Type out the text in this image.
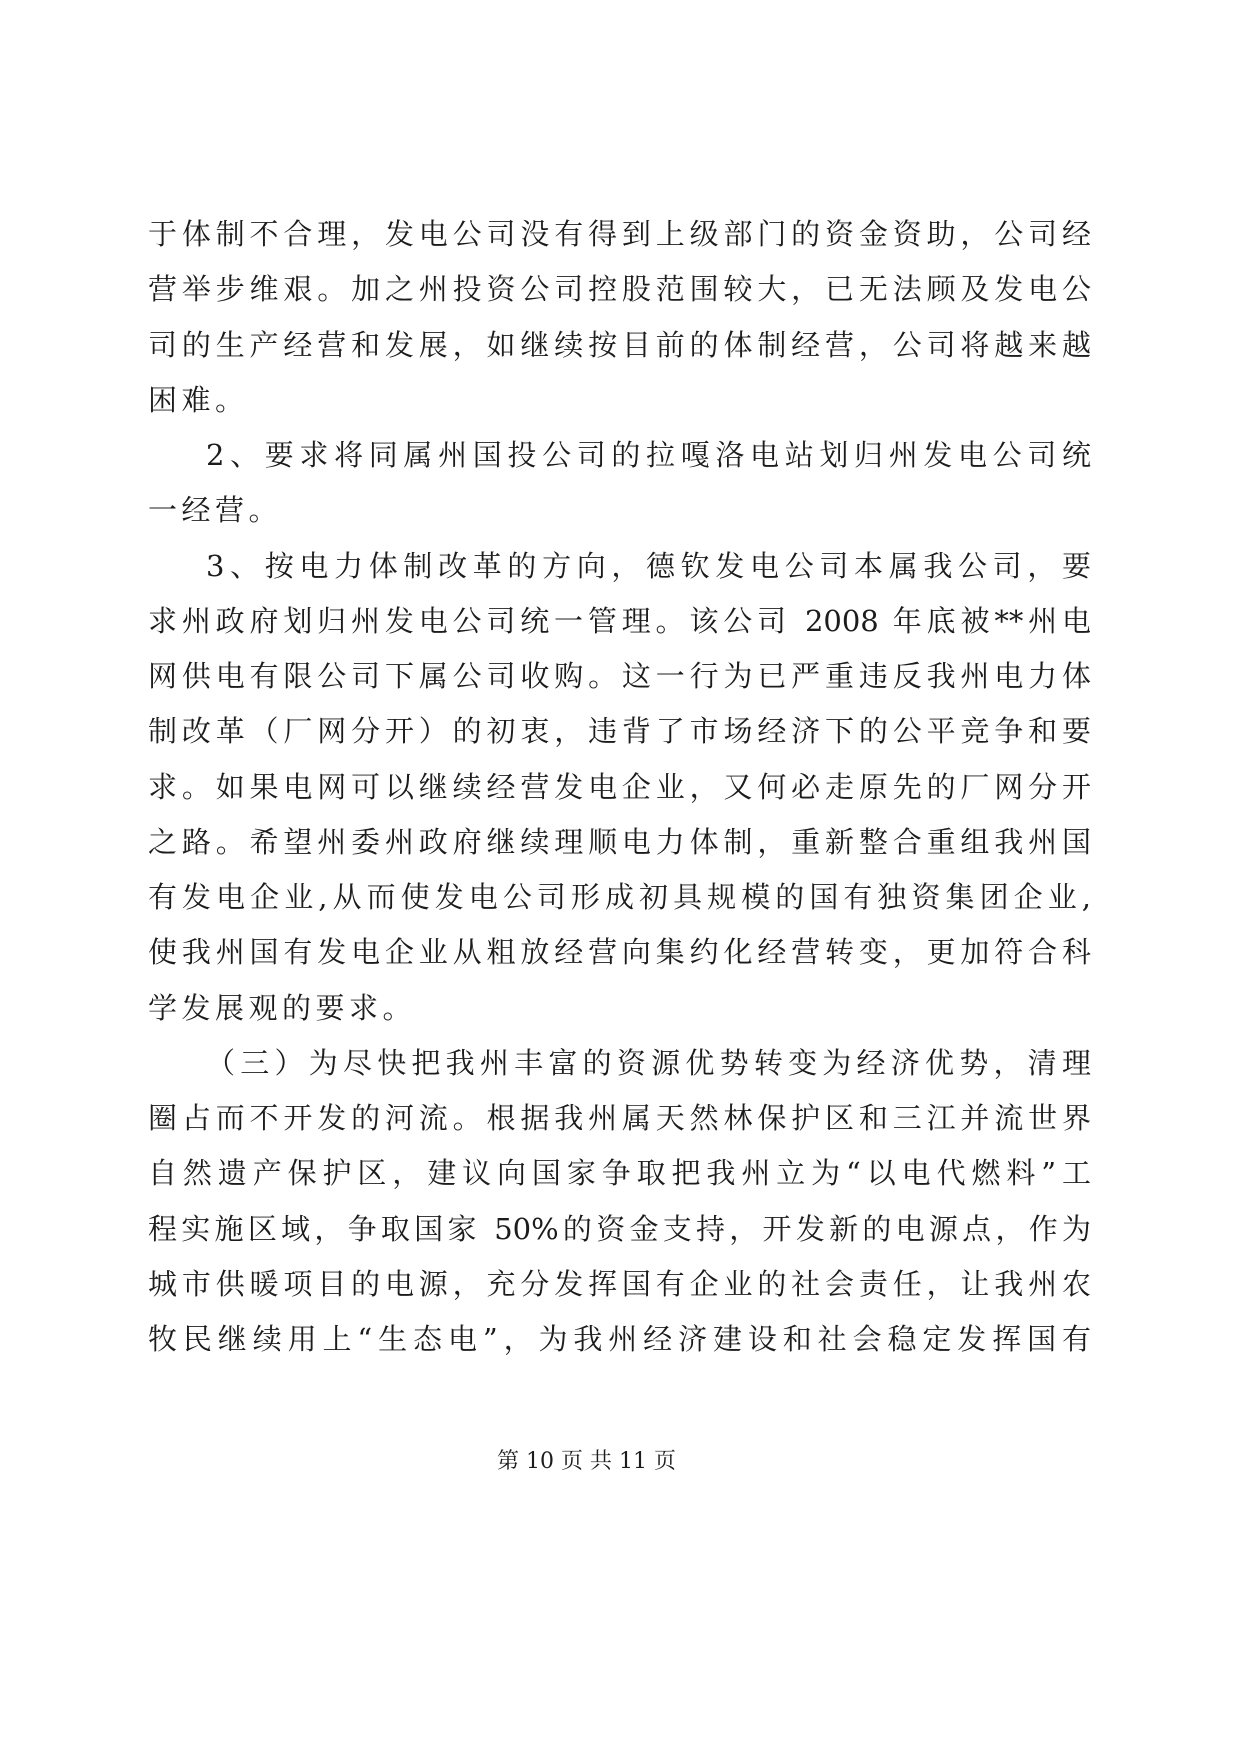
于体制不合理，发电公司没有得到上级部门的资金资助，公司经
营举步维艰。加之州投资公司控股范围较大，已无法顾及发电公
司的生产经营和发展，如继续按目前的体制经营，公司将越来越
困难。
2、要求将同属州国投公司的拉嘎洛电站划归州发电公司统
一经营。
3、按电力体制改革的方向，德钦发电公司本属我公司，要
求州政府划归州发电公司统一管理。该公司 2008 年底被**州电
网供电有限公司下属公司收购。这一行为已严重违反我州电力体
制改革（厂网分开）的初衷，违背了市场经济下的公平竞争和要
求。如果电网可以继续经营发电企业，又何必走原先的厂网分开
之路。希望州委州政府继续理顺电力体制，重新整合重组我州国
有发电企业,从而使发电公司形成初具规模的国有独资集团企业,
使我州国有发电企业从粗放经营向集约化经营转变，更加符合科
学发展观的要求。
（三）为尽快把我州丰富的资源优势转变为经济优势，清理
圈占而不开发的河流。根据我州属天然林保护区和三江并流世界
自然遗产保护区，建议向国家争取把我州立为“以电代燃料”工
程实施区域，争取国家 50%的资金支持，开发新的电源点，作为
城市供暖项目的电源，充分发挥国有企业的社会责任，让我州农
牧民继续用上“生态电”，为我州经济建设和社会稳定发挥国有
第 10 页 共 11 页
